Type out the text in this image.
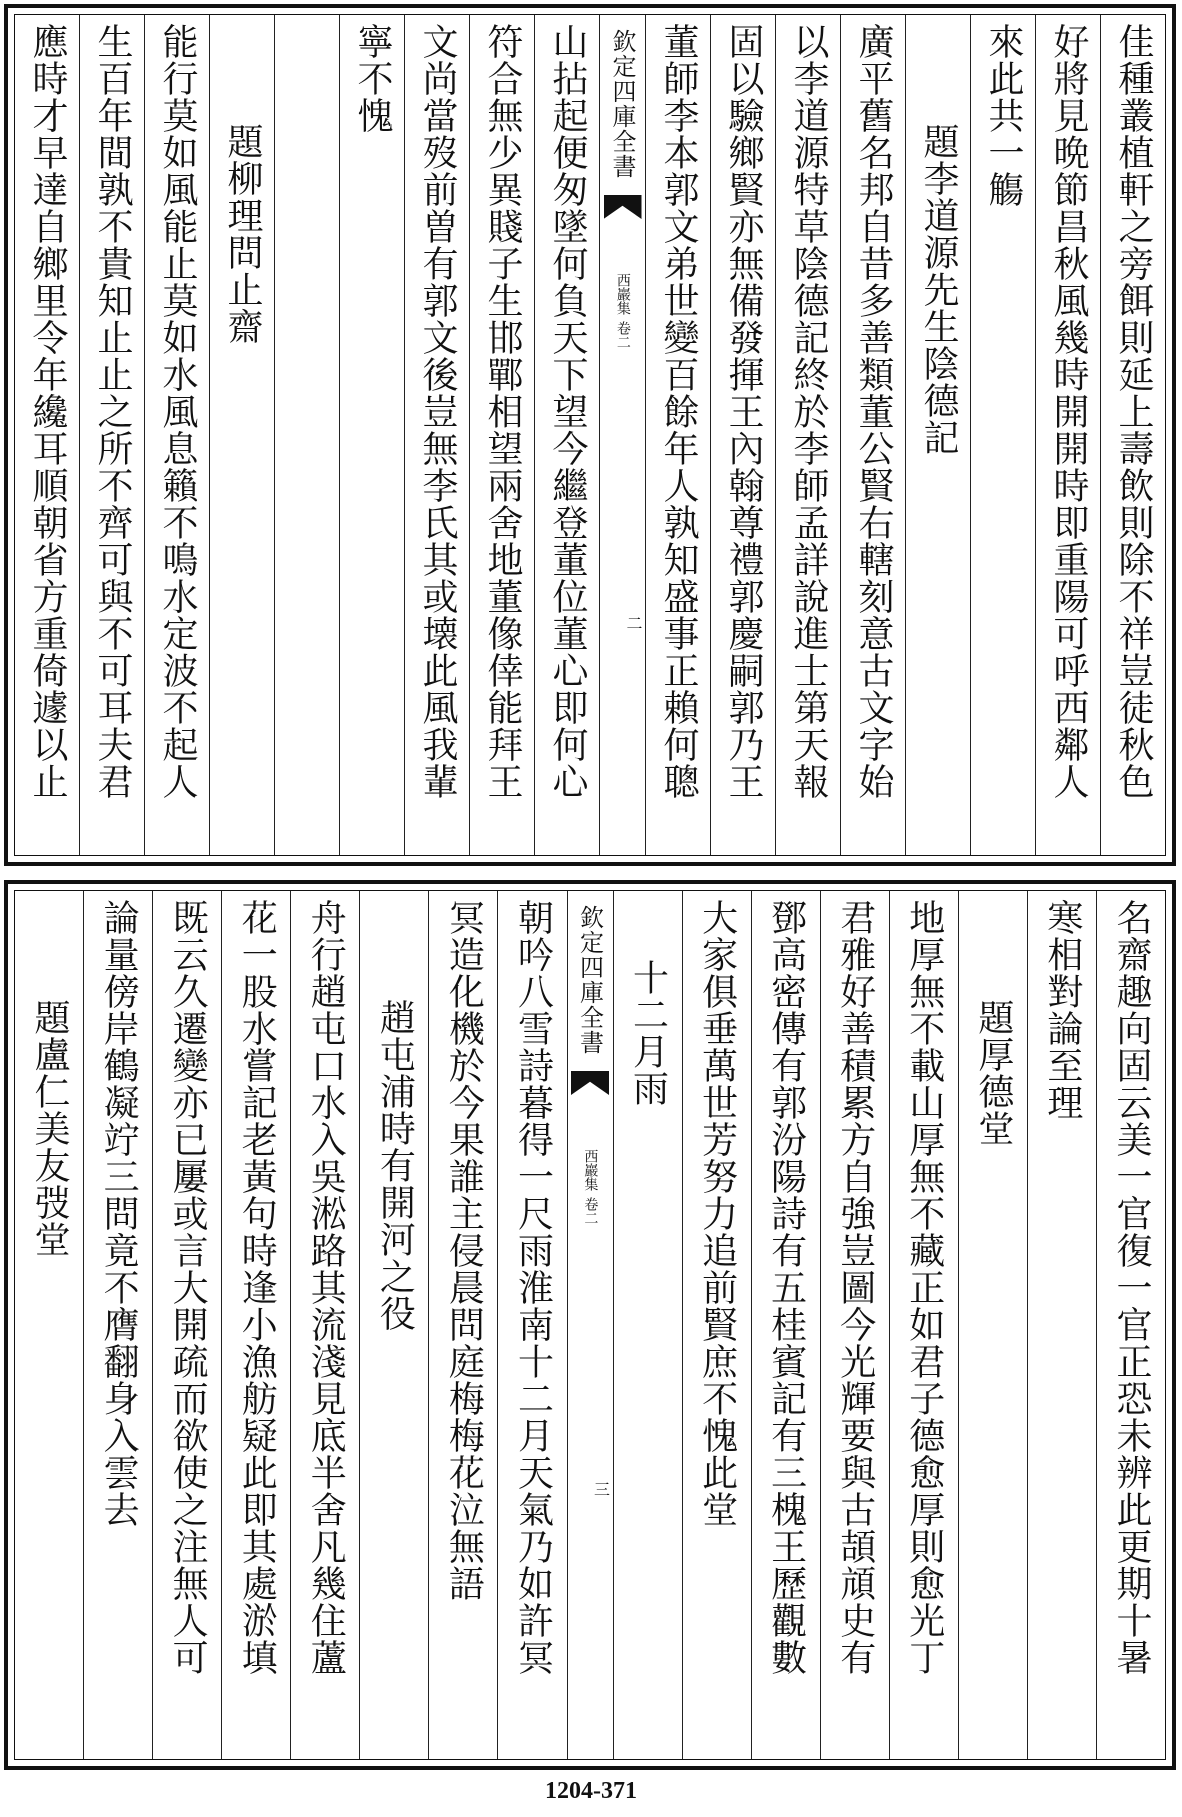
佳種叢植軒之旁餌則延上壽飲則除不祥豈徒秋色
好將見晩節昌秋風幾時開開時即重陽可呼西鄰人
來此共一觴
題李道源先生陰德記
廣平舊名邦自昔多善類董公賢右轄刻意古文字始
以李道源特草陰德記終於李師孟詳說進士第天報
固以驗鄉賢亦無備發揮王內翰尊禮郭慶嗣郭乃王
董師李本郭文弟世變百餘年人孰知盛事正賴何聰
欽定四庫全書
西巖集
卷二
二
山拈起便匆墜何負天下望今繼登董位董心即何心
符合無少異賤子生邯鄲相望兩舍地董像倖能拜王
文尚當歿前曽有郭文後豈無李氏其或壊此風我輩
寧不愧
題柳理問止齋
能行莫如風能止莫如水風息籟不鳴水定波不起人
生百年間孰不貴知止止之所不齊可與不可耳夫君
應時才早達自鄉里令年纔耳順朝省方重倚遽以止
名齋趣向固云美一官復一官正恐未辨此更期十暑
寒相對論至理
題厚德堂
地厚無不載山厚無不藏正如君子德愈厚則愈光丁
君雅好善積累方自強豈圖今光輝要與古頡頏史有
鄧高密傳有郭汾陽詩有五桂賓記有三槐王歷觀數
大家俱垂萬世芳努力追前賢庶不愧此堂
十二月雨
欽定四庫全書
西巖集
卷二
三
朝吟八雪詩暮得一尺雨淮南十二月天氣乃如許冥
冥造化機於今果誰主侵晨問庭梅梅花泣無語
趙屯浦時有開河之役
舟行趙屯口水入吳淞路其流淺見底半舍凡幾住蘆
花一股水嘗記老黃句時逢小漁舫疑此即其處淤填
既云久遷變亦已屢或言大開疏而欲使之注無人可
論量傍岸鶴凝竚三問竟不膺翻身入雲去
題盧仁美友弢堂
1204-371
